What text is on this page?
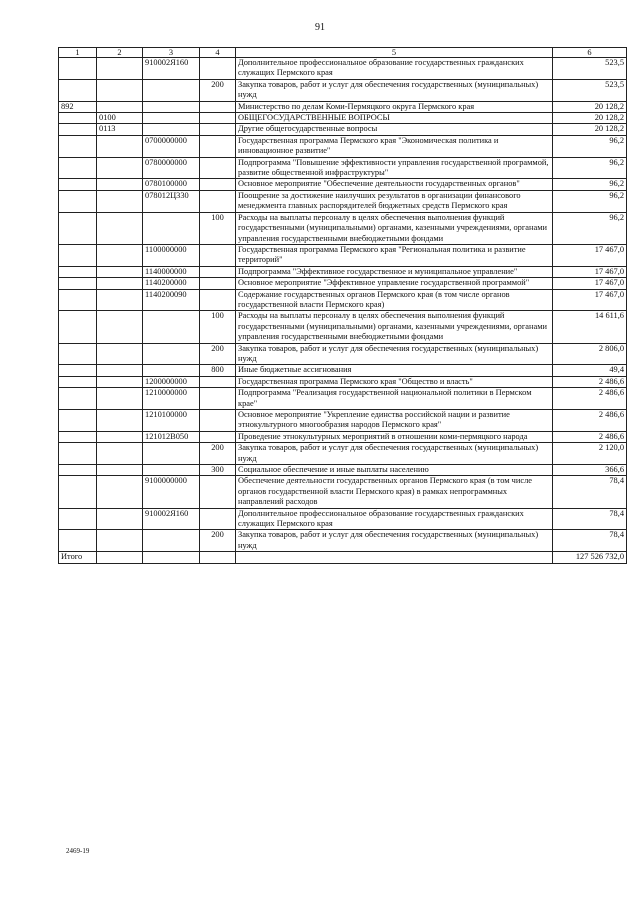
91
1	2	3	4	5	6
		910002Я160		Дополнительное профессиональное образование государственных гражданских служащих Пермского края	523,5
			200	Закупка товаров, работ и услуг для обеспечения государственных (муниципальных) нужд	523,5
892				Министерство по делам Коми-Пермяцкого округа Пермского края	20 128,2
	0100			ОБЩЕГОСУДАРСТВЕННЫЕ ВОПРОСЫ	20 128,2
	0113			Другие общегосударственные вопросы	20 128,2
		0700000000		Государственная программа Пермского края "Экономическая политика и инновационное развитие"	96,2
		0780000000		Подпрограмма "Повышение эффективности управления государственной программой, развитие общественной инфраструктуры"	96,2
		0780100000		Основное мероприятие "Обеспечение деятельности государственных органов"	96,2
		078012Ц330		Поощрение за достижение наилучших результатов в организации финансового менеджмента главных распорядителей бюджетных средств Пермского края	96,2
			100	Расходы на выплаты персоналу в целях обеспечения выполнения функций государственными (муниципальными) органами, казенными учреждениями, органами управления государственными внебюджетными фондами	96,2
		1100000000		Государственная программа Пермского края "Региональная политика и развитие территорий"	17 467,0
		1140000000		Подпрограмма "Эффективное государственное и муниципальное управление"	17 467,0
		1140200000		Основное мероприятие "Эффективное управление государственной программой"	17 467,0
		1140200090		Содержание государственных органов Пермского края (в том числе органов государственной власти Пермского края)	17 467,0
			100	Расходы на выплаты персоналу в целях обеспечения выполнения функций государственными (муниципальными) органами, казенными учреждениями, органами управления государственными внебюджетными фондами	14 611,6
			200	Закупка товаров, работ и услуг для обеспечения государственных (муниципальных) нужд	2 806,0
			800	Иные бюджетные ассигнования	49,4
		1200000000		Государственная программа Пермского края "Общество и власть"	2 486,6
		1210000000		Подпрограмма "Реализация государственной национальной политики в Пермском крае"	2 486,6
		1210100000		Основное мероприятие "Укрепление единства российской нации и развитие этнокультурного многообразия народов Пермского края"	2 486,6
		121012В050		Проведение этнокультурных мероприятий в отношении коми-пермяцкого народа	2 486,6
			200	Закупка товаров, работ и услуг для обеспечения государственных (муниципальных) нужд	2 120,0
			300	Социальное обеспечение и иные выплаты населению	366,6
		9100000000		Обеспечение деятельности государственных органов Пермского края (в том числе органов государственной власти Пермского края) в рамках непрограммных направлений расходов	78,4
		910002Я160		Дополнительное профессиональное образование государственных гражданских служащих Пермского края	78,4
			200	Закупка товаров, работ и услуг для обеспечения государственных (муниципальных) нужд	78,4
Итого					127 526 732,0
2469-19
